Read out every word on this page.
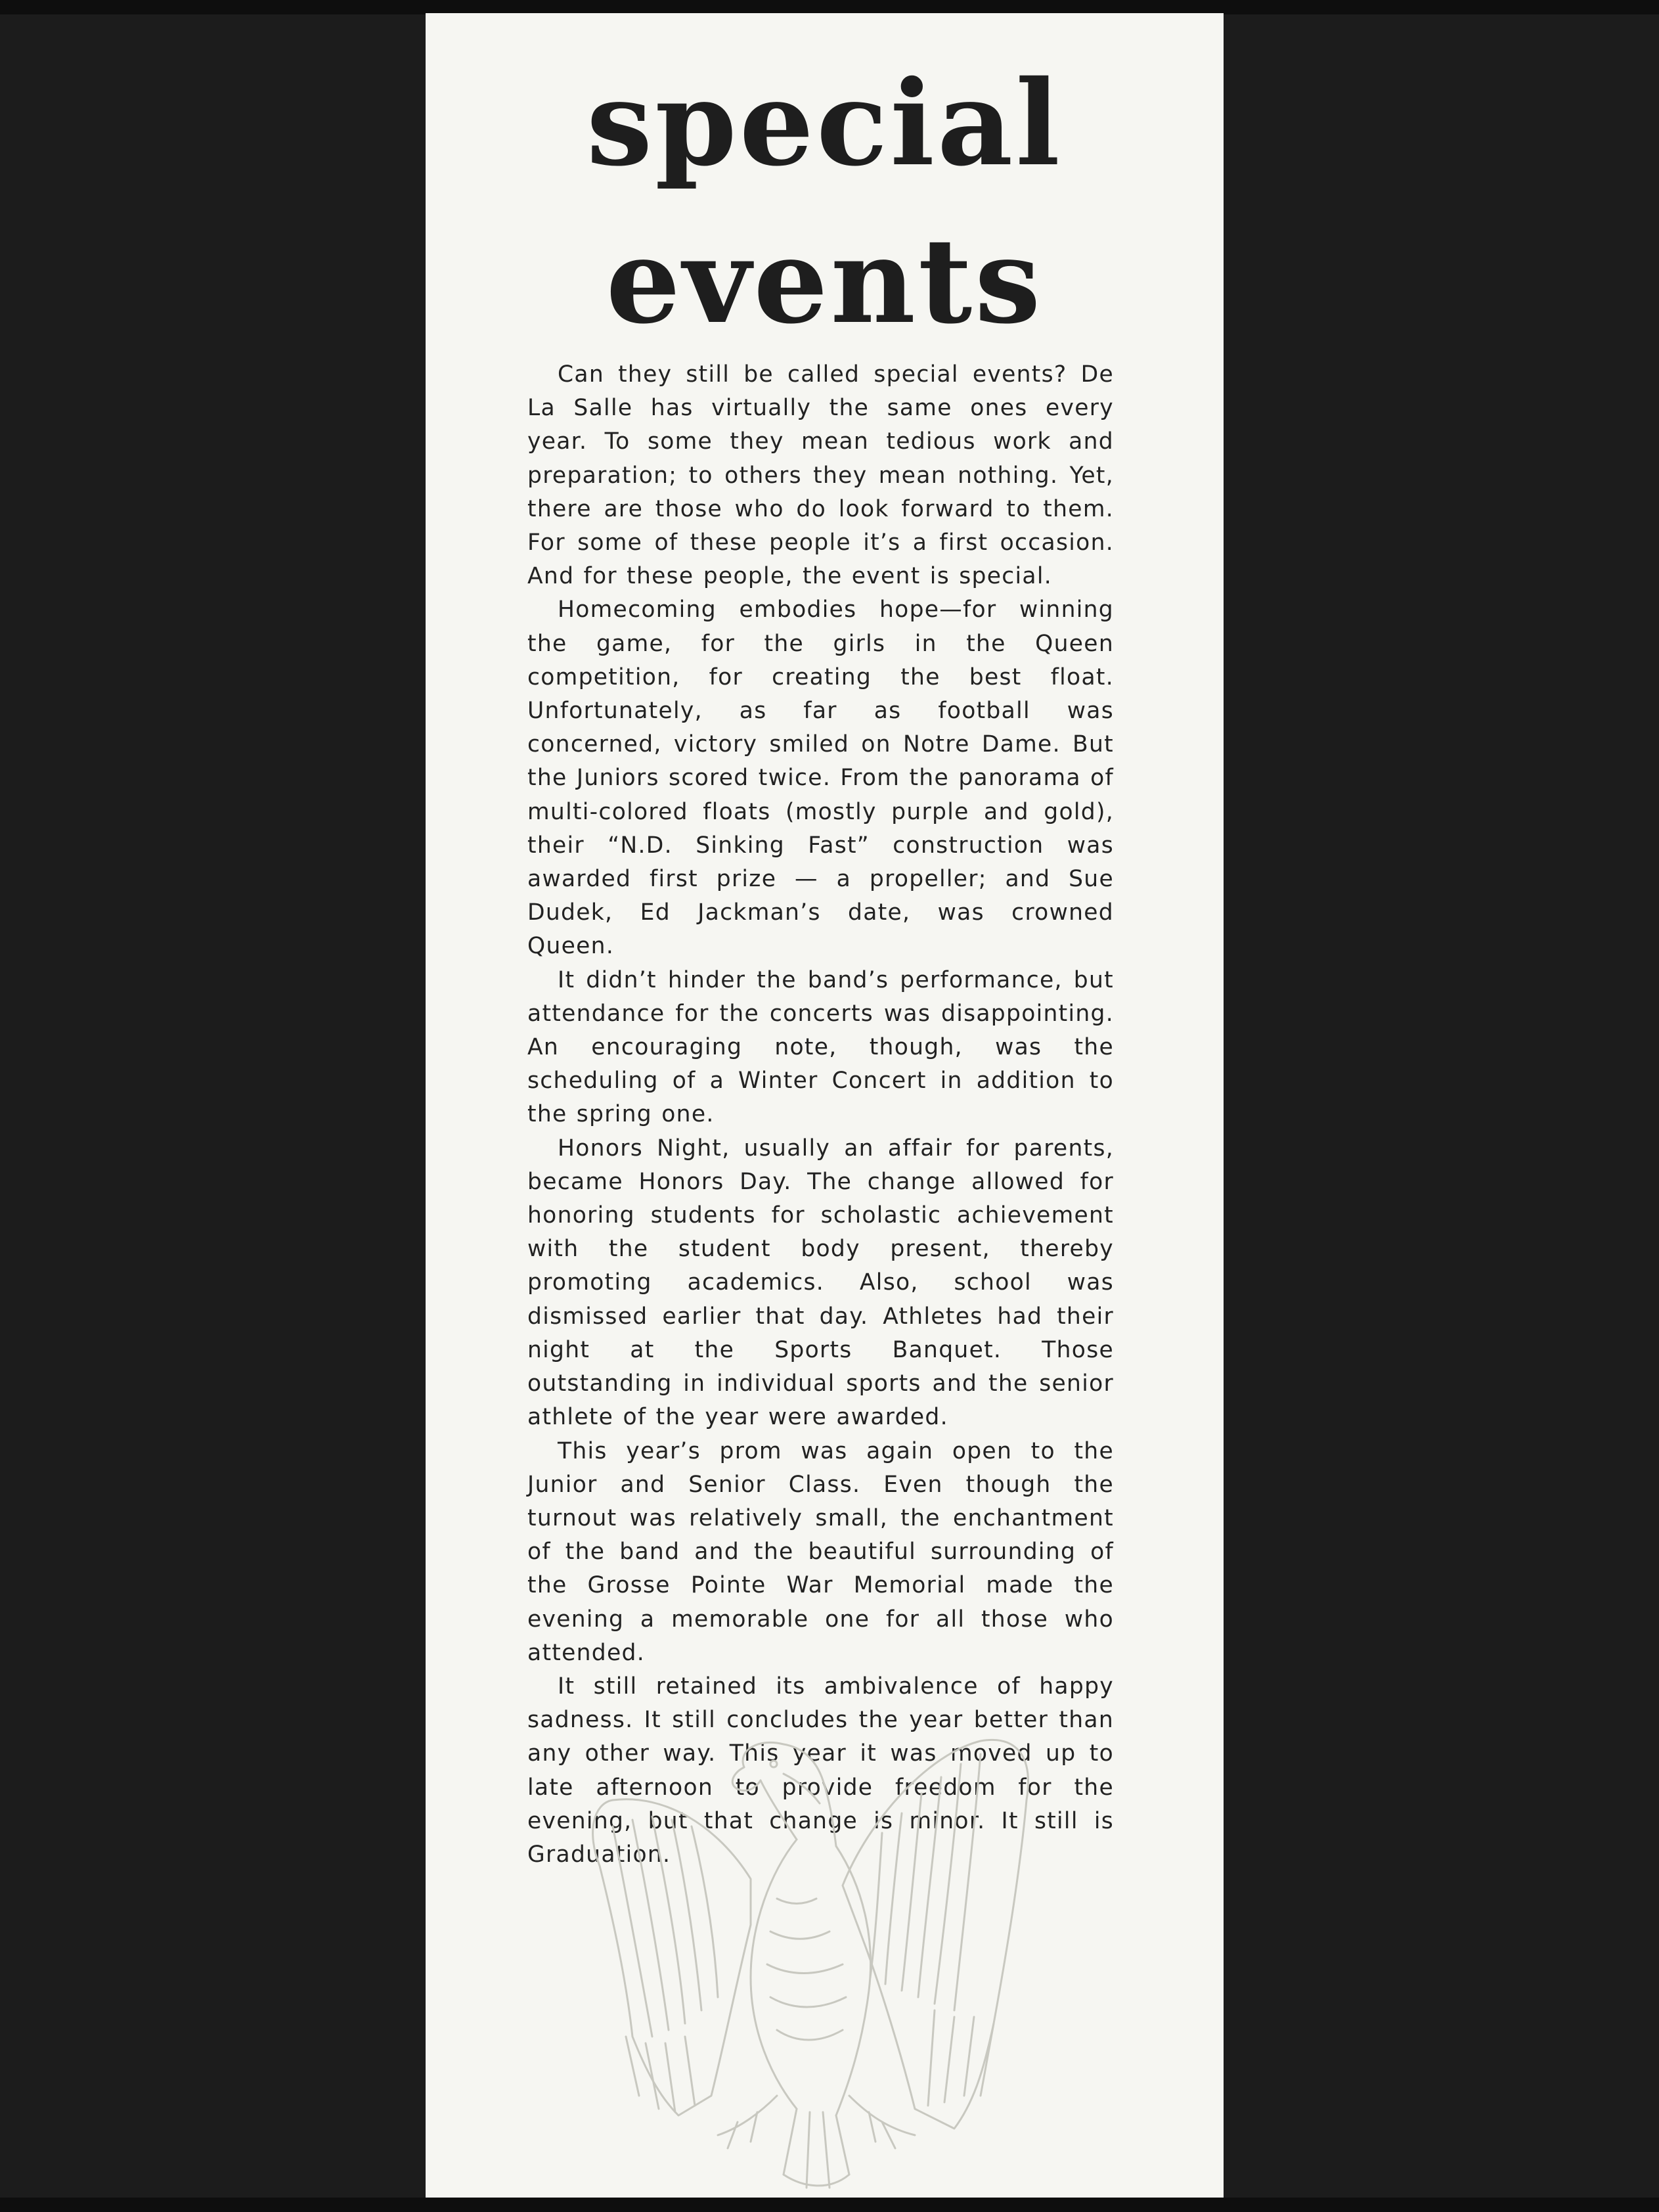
special
events

Can they still be called special events? De La Salle has virtually the same ones every year. To some they mean tedious work and preparation; to others they mean nothing. Yet, there are those who do look forward to them. For some of these people it’s a first occasion. And for these people, the event is special.

Homecoming embodies hope—for winning the game, for the girls in the Queen competition, for creating the best float. Unfortunately, as far as football was concerned, victory smiled on Notre Dame. But the Juniors scored twice. From the panorama of multi-colored floats (mostly purple and gold), their “N.D. Sinking Fast” construction was awarded first prize — a propeller; and Sue Dudek, Ed Jackman’s date, was crowned Queen.

It didn’t hinder the band’s performance, but attendance for the concerts was disappointing. An encouraging note, though, was the scheduling of a Winter Concert in addition to the spring one.

Honors Night, usually an affair for parents, became Honors Day. The change allowed for honoring students for scholastic achievement with the student body present, thereby promoting academics. Also, school was dismissed earlier that day. Athletes had their night at the Sports Banquet. Those outstanding in individual sports and the senior athlete of the year were awarded.

This year’s prom was again open to the Junior and Senior Class. Even though the turnout was relatively small, the enchantment of the band and the beautiful surrounding of the Grosse Pointe War Memorial made the evening a memorable one for all those who attended.

It still retained its ambivalence of happy sadness. It still concludes the year better than any other way. This year it was moved up to late afternoon to provide freedom for the evening, but that change is minor. It still is Graduation.
